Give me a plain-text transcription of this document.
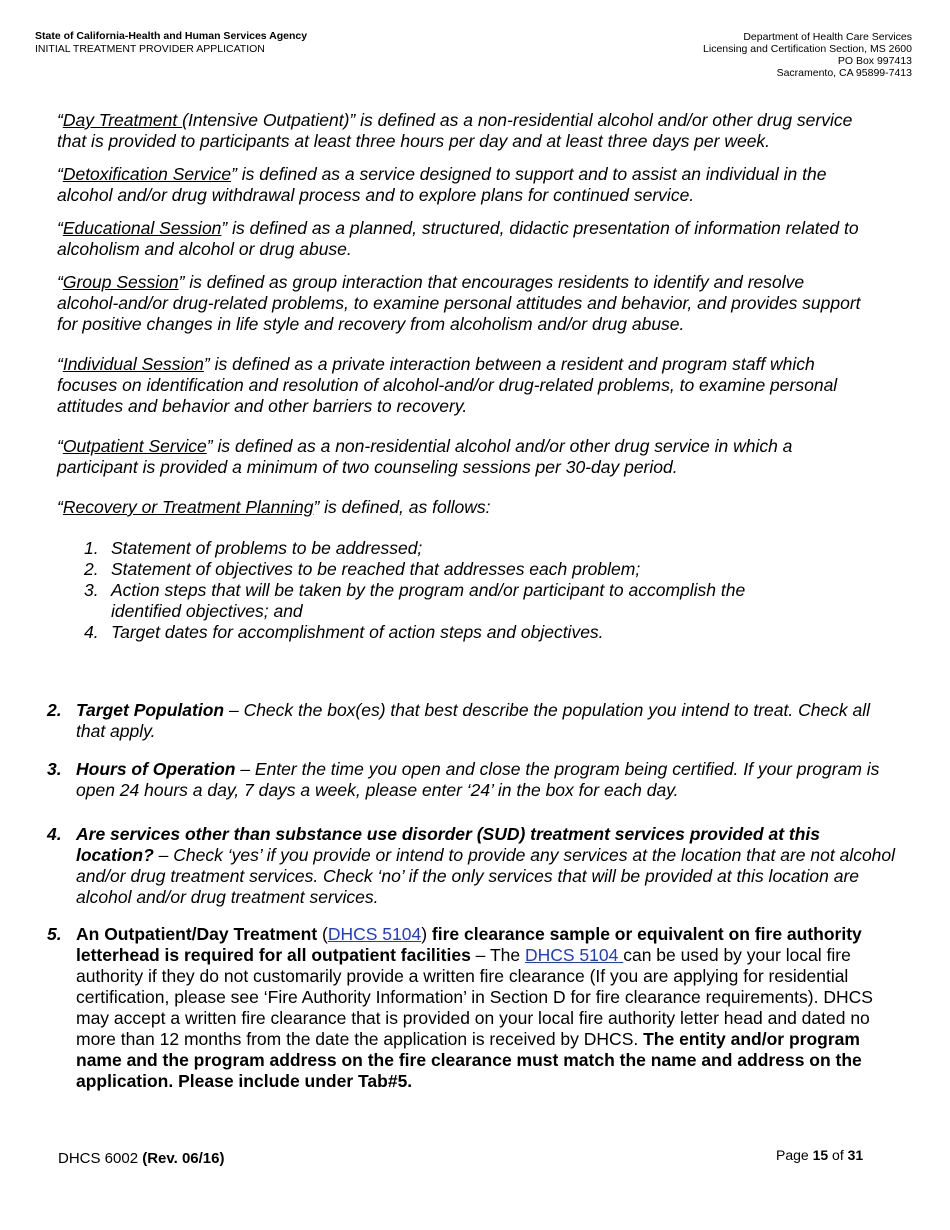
State of California-Health and Human Services Agency
INITIAL TREATMENT PROVIDER APPLICATION
Department of Health Care Services
Licensing and Certification Section, MS 2600
PO Box 997413
Sacramento, CA 95899-7413

“Day Treatment (Intensive Outpatient)” is defined as a non-residential alcohol and/or other drug service that is provided to participants at least three hours per day and at least three days per week.

“Detoxification Service” is defined as a service designed to support and to assist an individual in the alcohol and/or drug withdrawal process and to explore plans for continued service.

“Educational Session” is defined as a planned, structured, didactic presentation of information related to alcoholism and alcohol or drug abuse.

“Group Session” is defined as group interaction that encourages residents to identify and resolve alcohol-and/or drug-related problems, to examine personal attitudes and behavior, and provides support for positive changes in life style and recovery from alcoholism and/or drug abuse.

“Individual Session” is defined as a private interaction between a resident and program staff which focuses on identification and resolution of alcohol-and/or drug-related problems, to examine personal attitudes and behavior and other barriers to recovery.

“Outpatient Service” is defined as a non-residential alcohol and/or other drug service in which a participant is provided a minimum of two counseling sessions per 30-day period.

“Recovery or Treatment Planning” is defined, as follows:

1. Statement of problems to be addressed;
2. Statement of objectives to be reached that addresses each problem;
3. Action steps that will be taken by the program and/or participant to accomplish the identified objectives; and
4. Target dates for accomplishment of action steps and objectives.
2. Target Population – Check the box(es) that best describe the population you intend to treat. Check all that apply.
3. Hours of Operation – Enter the time you open and close the program being certified. If your program is open 24 hours a day, 7 days a week, please enter ‘24’ in the box for each day.
4. Are services other than substance use disorder (SUD) treatment services provided at this location? – Check ‘yes’ if you provide or intend to provide any services at the location that are not alcohol and/or drug treatment services. Check ‘no’ if the only services that will be provided at this location are alcohol and/or drug treatment services.
5. An Outpatient/Day Treatment (DHCS 5104) fire clearance sample or equivalent on fire authority letterhead is required for all outpatient facilities – The DHCS 5104 can be used by your local fire authority if they do not customarily provide a written fire clearance (If you are applying for residential certification, please see ‘Fire Authority Information’ in Section D for fire clearance requirements). DHCS may accept a written fire clearance that is provided on your local fire authority letter head and dated no more than 12 months from the date the application is received by DHCS. The entity and/or program name and the program address on the fire clearance must match the name and address on the application. Please include under Tab#5.
DHCS 6002 (Rev. 06/16)	Page 15 of 31
